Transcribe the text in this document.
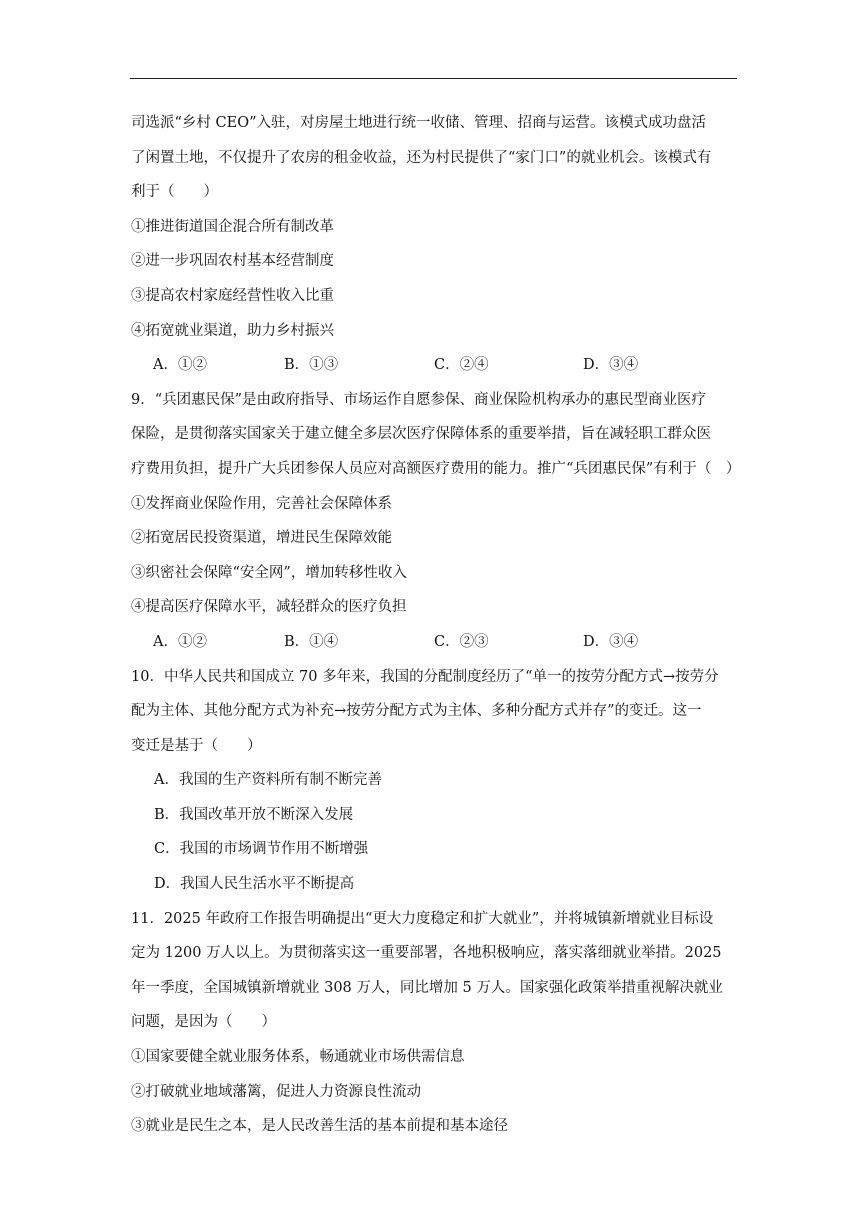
司选派“乡村 CEO”入驻，对房屋土地进行统一收储、管理、招商与运营。该模式成功盘活
了闲置土地，不仅提升了农房的租金收益，还为村民提供了“家门口”的就业机会。该模式有
利于（　　）
①推进街道国企混合所有制改革
②进一步巩固农村基本经营制度
③提高农村家庭经营性收入比重
④拓宽就业渠道，助力乡村振兴
A．①②	B．①③	C．②④	D．③④
9．“兵团惠民保”是由政府指导、市场运作自愿参保、商业保险机构承办的惠民型商业医疗
保险，是贯彻落实国家关于建立健全多层次医疗保障体系的重要举措，旨在减轻职工群众医
疗费用负担，提升广大兵团参保人员应对高额医疗费用的能力。推广“兵团惠民保”有利于（　）
①发挥商业保险作用，完善社会保障体系
②拓宽居民投资渠道，增进民生保障效能
③织密社会保障“安全网”，增加转移性收入
④提高医疗保障水平，减轻群众的医疗负担
A．①②	B．①④	C．②③	D．③④
10．中华人民共和国成立 70 多年来，我国的分配制度经历了“单一的按劳分配方式→按劳分
配为主体、其他分配方式为补充→按劳分配方式为主体、多种分配方式并存”的变迁。这一
变迁是基于（　　）
A．我国的生产资料所有制不断完善
B．我国改革开放不断深入发展
C．我国的市场调节作用不断增强
D．我国人民生活水平不断提高
11．2025 年政府工作报告明确提出“更大力度稳定和扩大就业”，并将城镇新增就业目标设
定为 1200 万人以上。为贯彻落实这一重要部署，各地积极响应，落实落细就业举措。2025
年一季度，全国城镇新增就业 308 万人，同比增加 5 万人。国家强化政策举措重视解决就业
问题，是因为（　　）
①国家要健全就业服务体系，畅通就业市场供需信息
②打破就业地域藩篱，促进人力资源良性流动
③就业是民生之本，是人民改善生活的基本前提和基本途径
